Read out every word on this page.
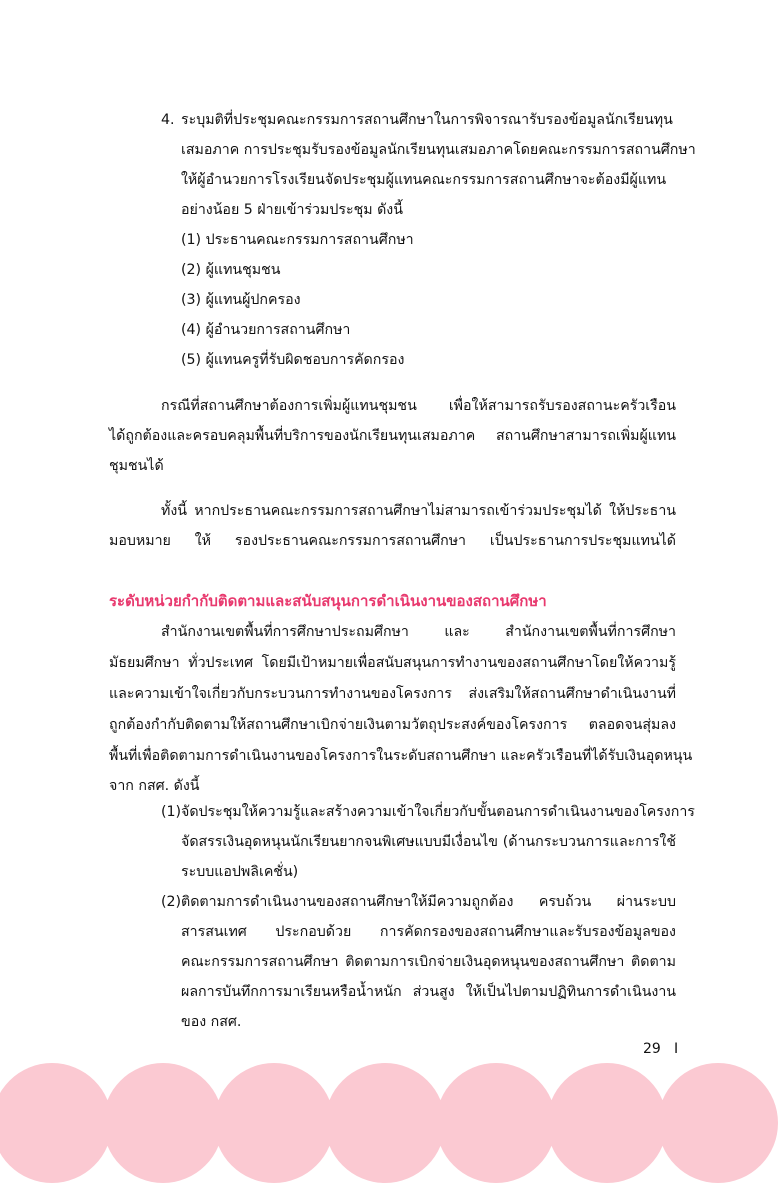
4. ระบุมติที่ประชุมคณะกรรมการสถานศึกษาในการพิจารณารับรองข้อมูลนักเรียนทุน
เสมอภาค การประชุมรับรองข้อมูลนักเรียนทุนเสมอภาคโดยคณะกรรมการสถานศึกษา
ให้ผู้อำนวยการโรงเรียนจัดประชุมผู้แทนคณะกรรมการสถานศึกษาจะต้องมีผู้แทน
อย่างน้อย 5 ฝ่ายเข้าร่วมประชุม ดังนี้
(1) ประธานคณะกรรมการสถานศึกษา
(2) ผู้แทนชุมชน
(3) ผู้แทนผู้ปกครอง
(4) ผู้อำนวยการสถานศึกษา
(5) ผู้แทนครูที่รับผิดชอบการคัดกรอง
กรณีที่สถานศึกษาต้องการเพิ่มผู้แทนชุมชน เพื่อให้สามารถรับรองสถานะครัวเรือน
ได้ถูกต้องและครอบคลุมพื้นที่บริการของนักเรียนทุนเสมอภาค สถานศึกษาสามารถเพิ่มผู้แทน
ชุมชนได้
ทั้งนี้ หากประธานคณะกรรมการสถานศึกษาไม่สามารถเข้าร่วมประชุมได้ ให้ประธาน
มอบหมาย ให้ รองประธานคณะกรรมการสถานศึกษา เป็นประธานการประชุมแทนได้
ระดับหน่วยกำกับติดตามและสนับสนุนการดำเนินงานของสถานศึกษา
สำนักงานเขตพื้นที่การศึกษาประถมศึกษา และ สำนักงานเขตพื้นที่การศึกษา
มัธยมศึกษา ทั่วประเทศ โดยมีเป้าหมายเพื่อสนับสนุนการทำงานของสถานศึกษาโดยให้ความรู้
และความเข้าใจเกี่ยวกับกระบวนการทำงานของโครงการ ส่งเสริมให้สถานศึกษาดำเนินงานที่
ถูกต้องกำกับติดตามให้สถานศึกษาเบิกจ่ายเงินตามวัตถุประสงค์ของโครงการ ตลอดจนสุ่มลง
พื้นที่เพื่อติดตามการดำเนินงานของโครงการในระดับสถานศึกษา และครัวเรือนที่ได้รับเงินอุดหนุน
จาก กสศ. ดังนี้
(1) จัดประชุมให้ความรู้และสร้างความเข้าใจเกี่ยวกับขั้นตอนการดำเนินงานของโครงการ
จัดสรรเงินอุดหนุนนักเรียนยากจนพิเศษแบบมีเงื่อนไข (ด้านกระบวนการและการใช้
ระบบแอปพลิเคชั่น)
(2) ติดตามการดำเนินงานของสถานศึกษาให้มีความถูกต้อง ครบถ้วน ผ่านระบบ
สารสนเทศ ประกอบด้วย การคัดกรองของสถานศึกษาและรับรองข้อมูลของ
คณะกรรมการสถานศึกษา ติดตามการเบิกจ่ายเงินอุดหนุนของสถานศึกษา ติดตาม
ผลการบันทึกการมาเรียนหรือน้ำหนัก ส่วนสูง ให้เป็นไปตามปฏิทินการดำเนินงาน
ของ กสศ.
29 I
